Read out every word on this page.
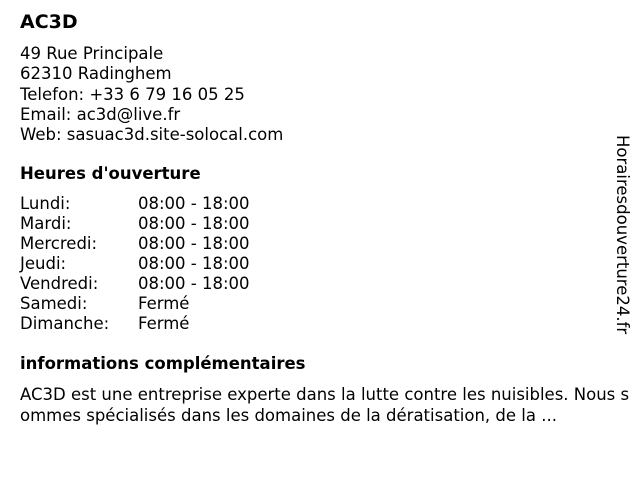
AC3D
49 Rue Principale
62310 Radinghem
Telefon: +33 6 79 16 05 25
Email: ac3d@live.fr
Web: sasuac3d.site-solocal.com
Heures d'ouverture
Lundi:	08:00 - 18:00
Mardi:	08:00 - 18:00
Mercredi:	08:00 - 18:00
Jeudi:	08:00 - 18:00
Vendredi:	08:00 - 18:00
Samedi:	Fermé
Dimanche:	Fermé
informations complémentaires
AC3D est une entreprise experte dans la lutte contre les nuisibles. Nous sommes spécialisés dans les domaines de la dératisation, de la ...
Horairesdouverture24.fr
